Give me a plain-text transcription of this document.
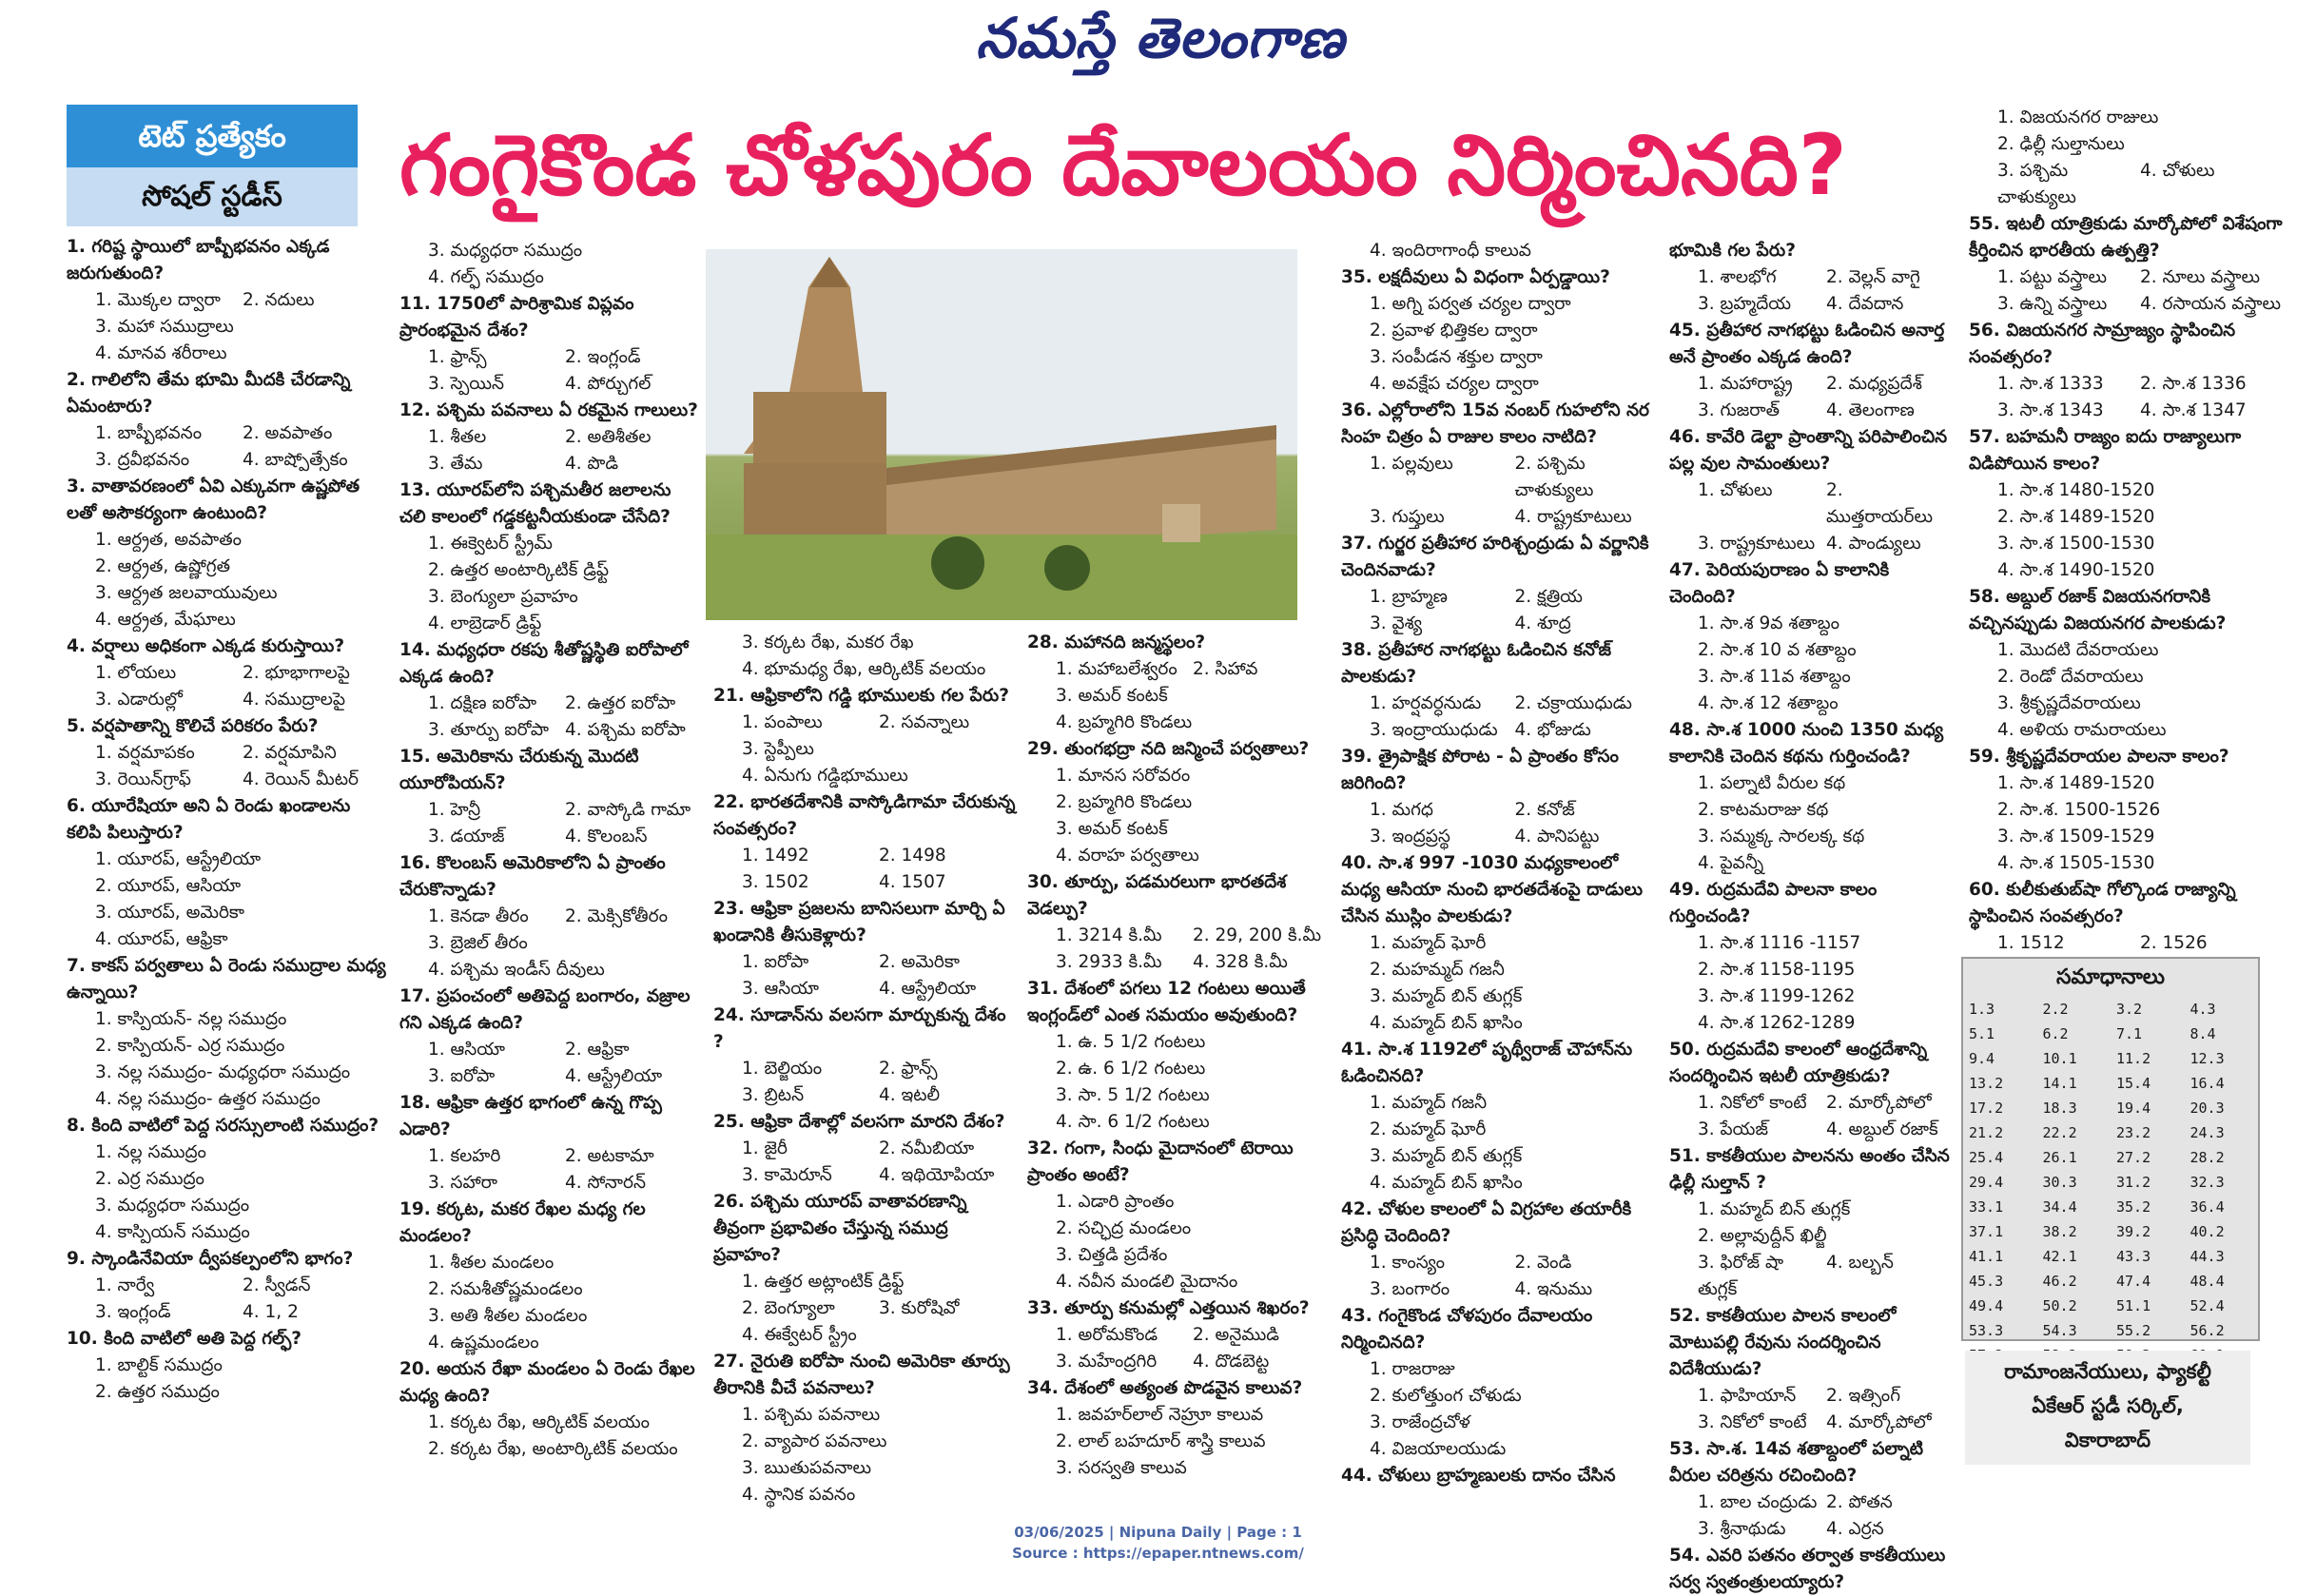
నమస్తే తెలంగాణ
టెట్ ప్రత్యేకం
సోషల్ స్టడీస్	గంగైకొండ చోళపురం దేవాలయం నిర్మించినది?
1. గరిష్ట స్థాయిలో బాష్పీభవనం ఎక్కడ జరుగుతుంది?
1. మొక్కల ద్వారా	2. నదులు
3. మహా సముద్రాలు
4. మానవ శరీరాలు
2. గాలిలోని తేమ భూమి మీదకి చేరడాన్ని ఏమంటారు?
1. బాష్పీభవనం	2. అవపాతం
3. ద్రవీభవనం	4. బాష్పోత్సేకం
3. వాతావరణంలో ఏవి ఎక్కువగా ఉష్ణపోత లతో అసౌకర్యంగా ఉంటుంది?
1. ఆర్ద్రత, అవపాతం
2. ఆర్ద్రత, ఉష్ణోగ్రత
3. ఆర్ద్రత జలవాయువులు
4. ఆర్ద్రత, మేఘాలు
4. వర్షాలు అధికంగా ఎక్కడ కురుస్తాయి?
1. లోయలు	2. భూభాగాలపై
3. ఎడారుల్లో	4. సముద్రాలపై
5. వర్షపాతాన్ని కొలిచే పరికరం పేరు?
1. వర్షమాపకం	2. వర్షమాపిని
3. రెయిన్‌గ్రాఫ్	4. రెయిన్ మీటర్
6. యూరేషియా అని ఏ రెండు ఖండాలను కలిపి పిలుస్తారు?
1. యూరప్, ఆస్ట్రేలియా
2. యూరప్, ఆసియా
3. యూరప్, అమెరికా
4. యూరప్, ఆఫ్రికా
7. కాకస్ పర్వతాలు ఏ రెండు సముద్రాల మధ్య ఉన్నాయి?
1. కాస్పియన్- నల్ల సముద్రం
2. కాస్పియన్- ఎర్ర సముద్రం
3. నల్ల సముద్రం- మధ్యధరా సముద్రం
4. నల్ల సముద్రం- ఉత్తర సముద్రం
8. కింది వాటిలో పెద్ద సరస్సులాంటి సముద్రం?
1. నల్ల సముద్రం
2. ఎర్ర సముద్రం
3. మధ్యధరా సముద్రం
4. కాస్పియన్ సముద్రం
9. స్కాండినేవియా ద్వీపకల్పంలోని భాగం?
1. నార్వే	2. స్వీడన్
3. ఇంగ్లండ్	4. 1, 2
10. కింది వాటిలో అతి పెద్ద గల్ఫ్?
1. బాల్టిక్ సముద్రం
2. ఉత్తర సముద్రం
3. మధ్యధరా సముద్రం
4. గల్ఫ్ సముద్రం
11. 1750లో పారిశ్రామిక విప్లవం ప్రారంభమైన దేశం?
1. ఫ్రాన్స్	2. ఇంగ్లండ్
3. స్పెయిన్	4. పోర్చుగల్
12. పశ్చిమ పవనాలు ఏ రకమైన గాలులు?
1. శీతల	2. అతిశీతల
3. తేమ	4. పొడి
13. యూరప్‌లోని పశ్చిమతీర జలాలను చలి కాలంలో గడ్డకట్టనీయకుండా చేసేది?
1. ఈక్వెటర్ స్ట్రీమ్
2. ఉత్తర అంటార్కిటిక్ డ్రిఫ్ట్
3. బెంగ్యులా ప్రవాహం
4. లాబ్రెడార్ డ్రిఫ్ట్
14. మధ్యధరా రకపు శీతోష్ణస్థితి ఐరోపాలో ఎక్కడ ఉంది?
1. దక్షిణ ఐరోపా	2. ఉత్తర ఐరోపా
3. తూర్పు ఐరోపా 4. పశ్చిమ ఐరోపా
15. అమెరికాను చేరుకున్న మొదటి యూరోపియన్?
1. హెన్రీ	2. వాస్కోడి గామా
3. డయాజ్	4. కొలంబస్
16. కొలంబస్ అమెరికాలోని ఏ ప్రాంతం చేరుకొన్నాడు?
1. కెనడా తీరం	2. మెక్సికోతీరం
3. బ్రెజిల్ తీరం
4. పశ్చిమ ఇండీస్ దీవులు
17. ప్రపంచంలో అతిపెద్ద బంగారం, వజ్రాల గని ఎక్కడ ఉంది?
1. ఆసియా	2. ఆఫ్రికా
3. ఐరోపా	4. ఆస్ట్రేలియా
18. ఆఫ్రికా ఉత్తర భాగంలో ఉన్న గొప్ప ఎడారి?
1. కలహరి	2. అటకామా
3. సహారా	4. సోనారన్
19. కర్కట, మకర రేఖల మధ్య గల మండలం?
1. శీతల మండలం
2. సమశీతోష్ణమండలం
3. అతి శీతల మండలం
4. ఉష్ణమండలం
20. అయన రేఖా మండలం ఏ రెండు రేఖల మధ్య ఉంది?
1. కర్కట రేఖ, ఆర్కిటిక్ వలయం
2. కర్కట రేఖ, అంటార్కిటిక్ వలయం
3. కర్కట రేఖ, మకర రేఖ
4. భూమధ్య రేఖ, ఆర్కిటిక్ వలయం
21. ఆఫ్రికాలోని గడ్డి భూములకు గల పేరు?
1. పంపాలు	2. సవన్నాలు
3. స్టెప్పీలు
4. ఏనుగు గడ్డిభూములు
22. భారతదేశానికి వాస్కోడిగామా చేరుకున్న సంవత్సరం?
1. 1492	2. 1498
3. 1502	4. 1507
23. ఆఫ్రికా ప్రజలను బానిసలుగా మార్చి ఏ ఖండానికి తీసుకెళ్లారు?
1. ఐరోపా	2. అమెరికా
3. ఆసియా	4. ఆస్ట్రేలియా
24. సూడాన్‌ను వలసగా మార్చుకున్న దేశం ?
1. బెల్జియం	2. ఫ్రాన్స్
3. బ్రిటన్	4. ఇటలీ
25. ఆఫ్రికా దేశాల్లో వలసగా మారని దేశం?
1. జైరీ	2. నమీబియా
3. కామెరూన్	4. ఇథియోపియా
26. పశ్చిమ యూరప్ వాతావరణాన్ని తీవ్రంగా ప్రభావితం చేస్తున్న సముద్ర ప్రవాహం?
1. ఉత్తర అట్లాంటిక్ డ్రిఫ్ట్
2. బెంగ్యూలా	3. కురోషివో
4. ఈక్వేటర్ స్ట్రీం
27. నైరుతి ఐరోపా నుంచి అమెరికా తూర్పు తీరానికి వీచే పవనాలు?
1. పశ్చిమ పవనాలు
2. వ్యాపార పవనాలు
3. ఋతుపవనాలు
4. స్థానిక పవనం
28. మహానది జన్మస్థలం?
1. మహాబలేశ్వరం 2. సిహావ
3. అమర్ కంటక్
4. బ్రహ్మగిరి కొండలు
29. తుంగభద్రా నది జన్మించే పర్వతాలు?
1. మానస సరోవరం
2. బ్రహ్మగిరి కొండలు
3. అమర్ కంటక్
4. వరాహ పర్వతాలు
30. తూర్పు, పడమరలుగా భారతదేశ వెడల్పు?
1. 3214 కి.మీ	2. 29, 200 కి.మీ
3. 2933 కి.మీ	4. 328 కి.మీ
31. దేశంలో పగలు 12 గంటలు అయితే ఇంగ్లండ్‌లో ఎంత సమయం అవుతుంది?
1. ఉ. 5 1/2 గంటలు
2. ఉ. 6 1/2 గంటలు
3. సా. 5 1/2 గంటలు
4. సా. 6 1/2 గంటలు
32. గంగా, సింధు మైదానంలో టెరాయి ప్రాంతం అంటే?
1. ఎడారి ప్రాంతం
2. సచ్ఛిద్ర మండలం
3. చిత్తడి ప్రదేశం
4. నవీన మండలి మైదానం
33. తూర్పు కనుమల్లో ఎత్తయిన శిఖరం?
1. అరోమకొండ	2. అనైముడి
3. మహేంద్రగిరి	4. దొడబెట్ట
34. దేశంలో అత్యంత పొడవైన కాలువ?
1. జవహర్‌లాల్ నెహ్రూ కాలువ
2. లాల్ బహదూర్ శాస్త్రి కాలువ
3. సరస్వతి కాలువ
4. ఇందిరాగాంధీ కాలువ
35. లక్షదీవులు ఏ విధంగా ఏర్పడ్డాయి?
1. అగ్ని పర్వత చర్యల ద్వారా
2. ప్రవాళ భిత్తికల ద్వారా
3. సంపీడన శక్తుల ద్వారా
4. అవక్షేప చర్యల ద్వారా
36. ఎల్లోరాలోని 15వ నంబర్ గుహలోని నర సింహ చిత్రం ఏ రాజుల కాలం నాటిది?
1. పల్లవులు	2. పశ్చిమ చాళుక్యులు
3. గుప్తులు	4. రాష్ట్రకూటులు
37. గుర్జర ప్రతీహార హరిశ్చంద్రుడు ఏ వర్ణానికి చెందినవాడు?
1. బ్రాహ్మణ	2. క్షత్రియ
3. వైశ్య	4. శూద్ర
38. ప్రతీహార నాగభట్టు ఓడించిన కనోజ్ పాలకుడు?
1. హర్షవర్ధనుడు	2. చక్రాయుధుడు
3. ఇంద్రాయుధుడు 4. భోజుడు
39. త్రైపాక్షిక పోరాట - ఏ ప్రాంతం కోసం జరిగింది?
1. మగధ	2. కనోజ్
3. ఇంద్రప్రస్థ	4. పానిపట్టు
40. సా.శ 997 -1030 మధ్యకాలంలో మధ్య ఆసియా నుంచి భారతదేశంపై దాడులు చేసిన ముస్లిం పాలకుడు?
1. మహ్మద్ ఘోరీ
2. మహమ్మద్ గజనీ
3. మహ్మద్ బిన్ తుగ్లక్
4. మహ్మద్ బిన్ ఖాసిం
41. సా.శ 1192లో పృథ్వీరాజ్ చౌహాన్‌ను ఓడించినది?
1. మహ్మద్ గజనీ
2. మహ్మద్ ఘోరీ
3. మహ్మద్ బిన్ తుగ్లక్
4. మహ్మద్ బిన్ ఖాసిం
42. చోళుల కాలంలో ఏ విగ్రహాల తయారీకి ప్రసిద్ధి చెందింది?
1. కాంస్యం	2. వెండి
3. బంగారం	4. ఇనుము
43. గంగైకొండ చోళపురం దేవాలయం నిర్మించినది?
1. రాజరాజు
2. కులోత్తుంగ చోళుడు
3. రాజేంద్రచోళ
4. విజయాలయుడు
44. చోళులు బ్రాహ్మణులకు దానం చేసిన
భూమికి గల పేరు?
1. శాలభోగ	2. వెల్లన్ వాగై
3. బ్రహ్మదేయ	4. దేవదాన
45. ప్రతీహార నాగభట్టు ఓడించిన అనార్త అనే ప్రాంతం ఎక్కడ ఉంది?
1. మహారాష్ట్ర	2. మధ్యప్రదేశ్
3. గుజరాత్	4. తెలంగాణ
46. కావేరి డెల్టా ప్రాంతాన్ని పరిపాలించిన పల్ల వుల సామంతులు?
1. చోళులు	2. ముత్తరాయర్‌లు
3. రాష్ట్రకూటులు 4. పాండ్యులు
47. పెరియపురాణం ఏ కాలానికి చెందింది?
1. సా.శ 9వ శతాబ్దం
2. సా.శ 10 వ శతాబ్దం
3. సా.శ 11వ శతాబ్దం
4. సా.శ 12 శతాబ్దం
48. సా.శ 1000 నుంచి 1350 మధ్య కాలానికి చెందిన కథను గుర్తించండి?
1. పల్నాటి వీరుల కథ
2. కాటమరాజు కథ
3. సమ్మక్క సారలక్క కథ
4. పైవన్నీ
49. రుద్రమదేవి పాలనా కాలం గుర్తించండి?
1. సా.శ 1116 -1157
2. సా.శ 1158-1195
3. సా.శ 1199-1262
4. సా.శ 1262-1289
50. రుద్రమదేవి కాలంలో ఆంధ్రదేశాన్ని సందర్శించిన ఇటలీ యాత్రికుడు?
1. నికోలో కాంటే	2. మార్కోపోలో
3. పేయజ్	4. అబ్దుల్ రజాక్
51. కాకతీయుల పాలనను అంతం చేసిన ఢిల్లీ సుల్తాన్ ?
1. మహ్మద్ బిన్ తుగ్లక్
2. అల్లావుద్దీన్ ఖిల్జీ
3. ఫిరోజ్ షా తుగ్లక్
4. బల్బన్
52. కాకతీయుల పాలన కాలంలో మోటుపల్లి రేవును సందర్శించిన విదేశీయుడు?
1. ఫాహియాన్	2. ఇత్సింగ్
3. నికోలో కాంటే	4. మార్కోపోలో
53. సా.శ. 14వ శతాబ్దంలో పల్నాటి వీరుల చరిత్రను రచించింది?
1. బాల చంద్రుడు 2. పోతన
3. శ్రీనాథుడు	4. ఎర్రన
54. ఎవరి పతనం తర్వాత కాకతీయులు సర్వ స్వతంత్రులయ్యారు?
1. విజయనగర రాజులు
2. ఢిల్లీ సుల్తానులు
3. పశ్చిమ చాళుక్యులు
4. చోళులు
55. ఇటలీ యాత్రికుడు మార్కోపోలో విశేషంగా కీర్తించిన భారతీయ ఉత్పత్తి?
1. పట్టు వస్త్రాలు	2. నూలు వస్త్రాలు
3. ఉన్ని వస్త్రాలు	4. రసాయన వస్త్రాలు
56. విజయనగర సామ్రాజ్యం స్థాపించిన సంవత్సరం?
1. సా.శ 1333	2. సా.శ 1336
3. సా.శ 1343	4. సా.శ 1347
57. బహమనీ రాజ్యం ఐదు రాజ్యాలుగా విడిపోయిన కాలం?
1. సా.శ 1480-1520
2. సా.శ 1489-1520
3. సా.శ 1500-1530
4. సా.శ 1490-1520
58. అబ్దుల్ రజాక్ విజయనగరానికి వచ్చినప్పుడు విజయనగర పాలకుడు?
1. మొదటి దేవరాయలు
2. రెండో దేవరాయలు
3. శ్రీకృష్ణదేవరాయలు
4. అళియ రామరాయలు
59. శ్రీకృష్ణదేవరాయల పాలనా కాలం?
1. సా.శ 1489-1520
2. సా.శ. 1500-1526
3. సా.శ 1509-1529
4. సా.శ 1505-1530
60. కులీకుతుబ్‌షా గోల్కొండ రాజ్యాన్ని స్థాపించిన సంవత్సరం?
1. 1512	2. 1526
సమాధానాలు
1.3	2.2	3.2	4.3
5.1	6.2	7.1	8.4
9.4	10.1	11.2	12.3
13.2	14.1	15.4	16.4
17.2	18.3	19.4	20.3
21.2	22.2	23.2	24.3
25.4	26.1	27.2	28.2
29.4	30.3	31.2	32.3
33.1	34.4	35.2	36.4
37.1	38.2	39.2	40.2
41.1	42.1	43.3	44.3
45.3	46.2	47.4	48.4
49.4	50.2	51.1	52.4
53.3	54.3	55.2	56.2

రామాంజనేయులు, ఫ్యాకల్టీ
ఏకేఆర్ స్టడీ సర్కిల్,
వికారాబాద్
03/06/2025 | Nipuna Daily | Page : 1
Source : https://epaper.ntnews.com/
